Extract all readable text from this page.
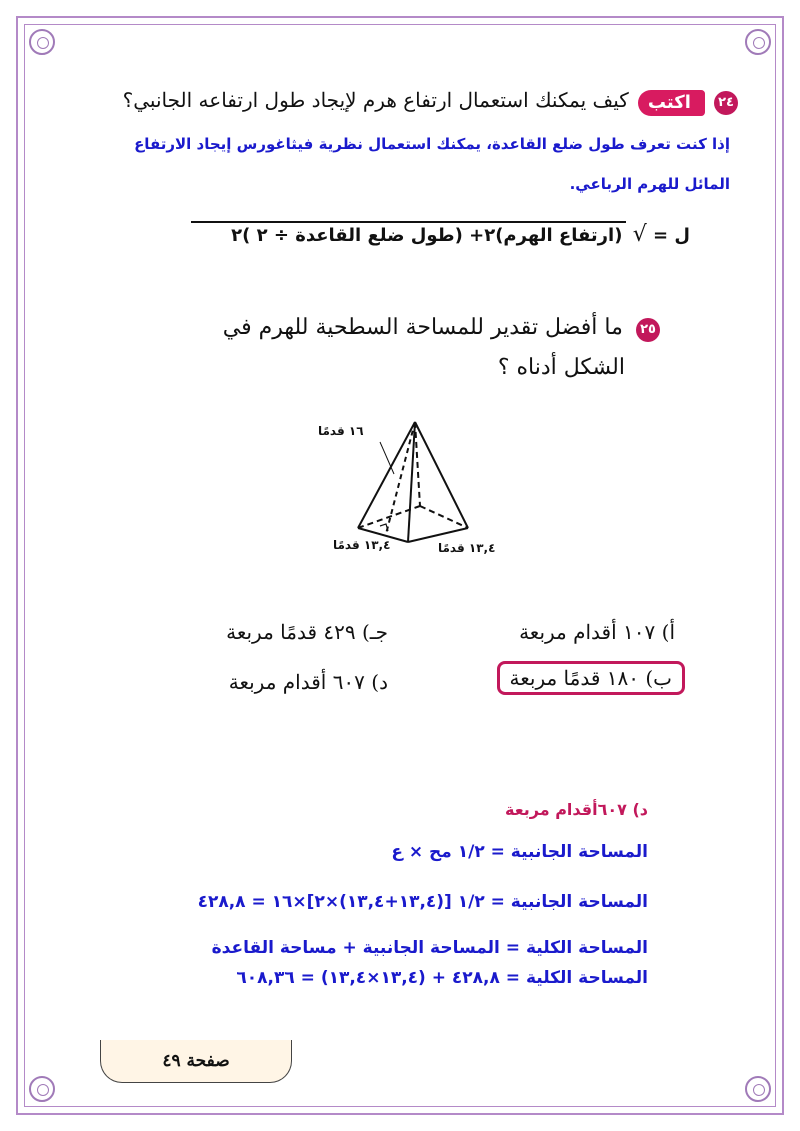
٢٤ اكتب كيف يمكنك استعمال ارتفاع هرم لإيجاد طول ارتفاعه الجانبي؟
إذا كنت تعرف طول ضلع القاعدة، يمكنك استعمال نظرية فيثاغورس إيجاد الارتفاع
المائل للهرم الرباعي.
ل = √ (ارتفاع الهرم)٢+ (طول ضلع القاعدة ÷ ٢ )٢
٢٥ ما أفضل تقدير للمساحة السطحية للهرم في
الشكل أدناه ؟
١٦ قدمًا
١٣,٤ قدمًا	١٣,٤ قدمًا
أ) ١٠٧ أقدام مربعة
جـ) ٤٢٩ قدمًا مربعة
ب) ١٨٠ قدمًا مربعة
د) ٦٠٧ أقدام مربعة
د) ٦٠٧أقدام مربعة
المساحة الجانبية = ١/٢ مح × ع
المساحة الجانبية = ١/٢ [(١٣,٤+١٣,٤)×٢]×١٦ = ٤٢٨,٨
المساحة الكلية = المساحة الجانبية + مساحة القاعدة
المساحة الكلية = ٤٢٨,٨ + (١٣,٤×١٣,٤) = ٦٠٨,٣٦
صفحة ٤٩
